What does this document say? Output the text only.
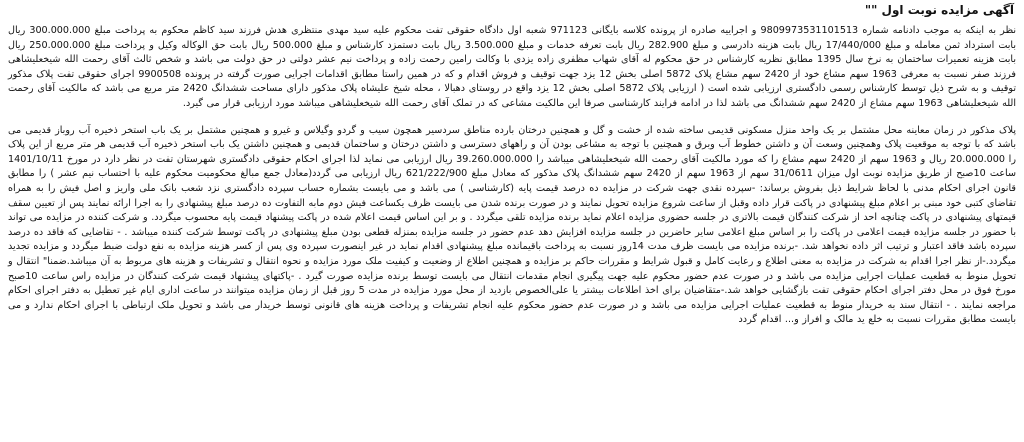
آگهی مزایده نوبت اول ""

نظر به اینکه به موجب دادنامه شماره 9809973531101513 و اجراییه صادره از پرونده کلاسه بایگانی 971123 شعبه اول دادگاه حقوقی تفت محکوم علیه سید مهدی منتظری هدش فرزند سید کاظم محکوم به پرداخت مبلغ 300.000.000 ریال بابت استرداد ثمن معامله و مبلغ 17/440/000 ریال بابت هزینه دادرسی و مبلغ 282.900 ریال بابت تعرفه خدمات و مبلغ 3.500.000 ریال بابت دستمزد کارشناس و مبلغ 500.000 ریال بابت حق الوکاله وکیل و پرداخت مبلغ 250.000.000 ریال بابت هزینه تعمیرات ساختمان به نرخ سال 1395 مطابق نظریه کارشناس در حق محکوم له آقای شهاب مظفری زاده یزدی با وکالت رامین رحمت زاده و پرداخت نیم عشر دولتی در حق دولت می باشد و شخص ثالث آقای رحمت الله شیخعلیشاهی فرزند صفر نسبت به معرفی 1963 سهم مشاع خود از 2420 سهم مشاع پلاک 5872 اصلی بخش 12 یزد جهت توقیف و فروش اقدام و که در همین راستا مطابق اقدامات اجرایی صورت گرفته در پرونده 9900508 اجرای حقوقی تفت پلاک مذکور توقیف و به شرح ذیل توسط کارشناس رسمی دادگستری ارزیابی شده است ( ارزیابی پلاک 5872 اصلی بخش 12 یزد واقع در روستای دهبالا ، محله شیخ علیشاه پلاک مذکور دارای مساحت ششدانگ 2420 متر مربع می باشد که مالکیت آقای رحمت الله شیخعلیشاهی 1963 سهم مشاع از 2420 سهم ششدانگ می باشد لذا در ادامه فرایند کارشناسی صرفا این مالکیت مشاعی که در تملک آقای رحمت الله شیخعلیشاهی میباشد مورد ارزیابی قرار می گیرد.

پلاک مذکور در زمان معاینه محل مشتمل بر یک واحد منزل مسکونی قدیمی ساخته شده از خشت و گل و همچنین درختان بارده مناطق سردسیر همچون سیب و گردو وگیلاس و غیرو و همچنین مشتمل بر یک باب استخر ذخیره آب روباز قدیمی می باشد که با توجه به موقعیت پلاک وهمچنین وسعت آن و داشتن خطوط آب وبرق و همچنین با توجه به مشاعی بودن آن و راههای دسترسی و داشتن درختان و ساختمان قدیمی و همچنین داشتن یک باب استخر ذخیره آب قدیمی هر متر مربع از این پلاک را 20.000.000 ریال و 1963 سهم از 2420 سهم مشاع را که مورد مالکیت آقای رحمت الله شیخعلیشاهی میباشد را 39.260.000.000 ریال ارزیابی می نماید لذا اجرای احکام حقوقی دادگستری شهرستان تفت در نظر دارد در مورخ 1401/10/11 ساعت 10صبح از طریق مزایده نوبت اول میزان 31/0611 سهم از 1963 سهم از 2420 سهم ششدانگ پلاک مذکور که معادل مبلغ 621/222/900 ریال ارزیابی می گردد(معادل جمع مبالغ محکومیت محکوم علیه با احتساب نیم عشر ) را مطابق قانون اجرای احکام مدنی با لحاظ شرایط ذیل بفروش برساند: -سپرده نقدی جهت شرکت در مزایده ده درصد قیمت پایه (کارشناسی ) می باشد و می بایست بشماره حساب سپرده دادگستری نزد شعب بانک ملی واریز و اصل فیش را به همراه تقاضای کتبی خود مبنی بر اعلام مبلغ پیشنهادی در پاکت قرار داده وقبل از ساعت شروع مزایده تحویل نمایند و در صورت برنده شدن می بایست ظرف یکساعت فیش دوم مابه التفاوت ده درصد مبلغ پیشنهادی را به اجرا ارائه نمایند پس از تعیین سقف قیمتهای پیشنهادی در پاکت چنانچه احد از شرکت کنندگان قیمت بالاتری در جلسه حضوری مزایده اعلام نماید برنده مزایده تلقی میگردد . و بر این اساس قیمت اعلام شده در پاکت پیشنهاد قیمت پایه محسوب میگردد. و شرکت کننده در مزایده می تواند با حضور در جلسه مزایده قیمت اعلامی در پاکت را بر اساس مبلغ اعلامی سایر حاضرین در جلسه مزایده افزایش دهد عدم حضور در جلسه مزایده بمنزله قطعی بودن مبلغ پیشنهادی در پاکت توسط شرکت کننده میباشد . - تقاضایی که فاقد ده درصد سپرده باشد فاقد اعتبار و ترتیب اثر داده نخواهد شد. -برنده مزایده می بایست ظرف مدت 14روز نسبت به پرداخت باقیمانده مبلغ پیشنهادی اقدام نماید در غیر اینصورت سپرده وی پس از کسر هزینه مزایده به نفع دولت ضبط میگردد و مزایده تجدید میگردد.-از نظر اجرا اقدام به شرکت در مزایده به معنی اطلاع و رعایت کامل و قبول شرایط و مقررات حاکم بر مزایده و همچنین اطلاع از وضعیت و کیفیت ملک مورد مزایده و نحوه انتقال و تشریفات و هزینه های مربوط به آن میباشد.ضمنا" انتقال و تحویل منوط به قطعیت عملیات اجرایی مزایده می باشد و در صورت عدم حضور محکوم علیه جهت پیگیری انجام مقدمات انتقال می بایست توسط برنده مزایده صورت گیرد . -پاکتهای پیشنهاد قیمت شرکت کنندگان در مزایده راس ساعت 10صبح مورخ فوق در محل دفتر اجرای احکام حقوقی تفت بازگشایی خواهد شد.-متقاضیان برای اخذ اطلاعات بیشتر یا علی‌الخصوص بازدید از محل مورد مزایده در مدت 5 روز قبل از زمان مزایده میتوانند در ساعت اداری ایام غیر تعطیل به دفتر اجرای احکام مراجعه نمایند . - انتقال سند به خریدار منوط به قطعیت عملیات اجرایی مزایده می باشد و در صورت عدم حضور محکوم علیه انجام تشریفات و پرداخت هزینه های قانونی توسط خریدار می باشد و تحویل ملک ارتباطی با اجرای احکام ندارد و می بایست مطابق مقررات نسبت به خلع ید مالک و افراز و... اقدام گردد
